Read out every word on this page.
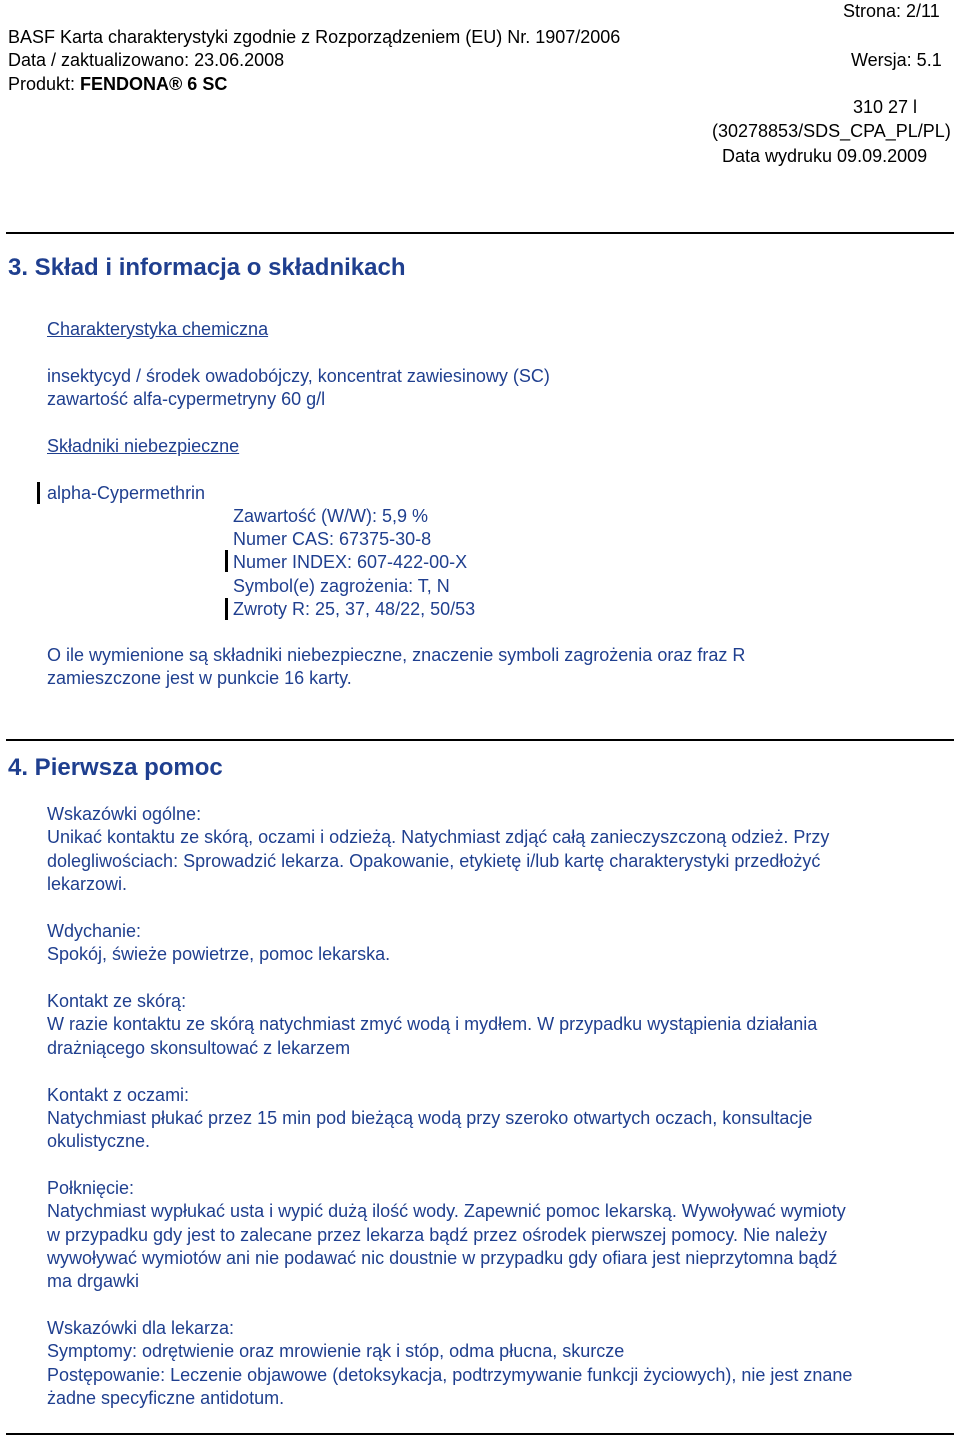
Strona: 2/11
BASF Karta charakterystyki zgodnie z Rozporządzeniem (EU) Nr. 1907/2006
Data / zaktualizowano: 23.06.2008	Wersja: 5.1
Produkt: FENDONA® 6 SC
310 27 l
(30278853/SDS_CPA_PL/PL)
Data wydruku 09.09.2009
3. Skład i informacja o składnikach
Charakterystyka chemiczna
insektycyd / środek owadobójczy, koncentrat zawiesinowy (SC)
zawartość alfa-cypermetryny 60 g/l
Składniki niebezpieczne
alpha-Cypermethrin
Zawartość (W/W): 5,9 %
Numer CAS: 67375-30-8
Numer INDEX: 607-422-00-X
Symbol(e) zagrożenia: T, N
Zwroty R: 25, 37, 48/22, 50/53
O ile wymienione są składniki niebezpieczne, znaczenie symboli zagrożenia oraz fraz R
zamieszczone jest w punkcie 16 karty.
4. Pierwsza pomoc
Wskazówki ogólne:
Unikać kontaktu ze skórą, oczami i odzieżą. Natychmiast zdjąć całą zanieczyszczoną odzież. Przy
dolegliwościach: Sprowadzić lekarza. Opakowanie, etykietę i/lub kartę charakterystyki przedłożyć
lekarzowi.
Wdychanie:
Spokój, świeże powietrze, pomoc lekarska.
Kontakt ze skórą:
W razie kontaktu ze skórą natychmiast zmyć wodą i mydłem. W przypadku wystąpienia działania
drażniącego skonsultować z lekarzem
Kontakt z oczami:
Natychmiast płukać przez 15 min pod bieżącą wodą przy szeroko otwartych oczach, konsultacje
okulistyczne.
Połknięcie:
Natychmiast wypłukać usta i wypić dużą ilość wody. Zapewnić pomoc lekarską. Wywoływać wymioty
w przypadku gdy jest to zalecane przez lekarza bądź przez ośrodek pierwszej pomocy. Nie należy
wywoływać wymiotów ani nie podawać nic doustnie w przypadku gdy ofiara jest nieprzytomna bądź
ma drgawki
Wskazówki dla lekarza:
Symptomy: odrętwienie oraz mrowienie rąk i stóp, odma płucna, skurcze
Postępowanie: Leczenie objawowe (detoksykacja, podtrzymywanie funkcji życiowych), nie jest znane
żadne specyficzne antidotum.
